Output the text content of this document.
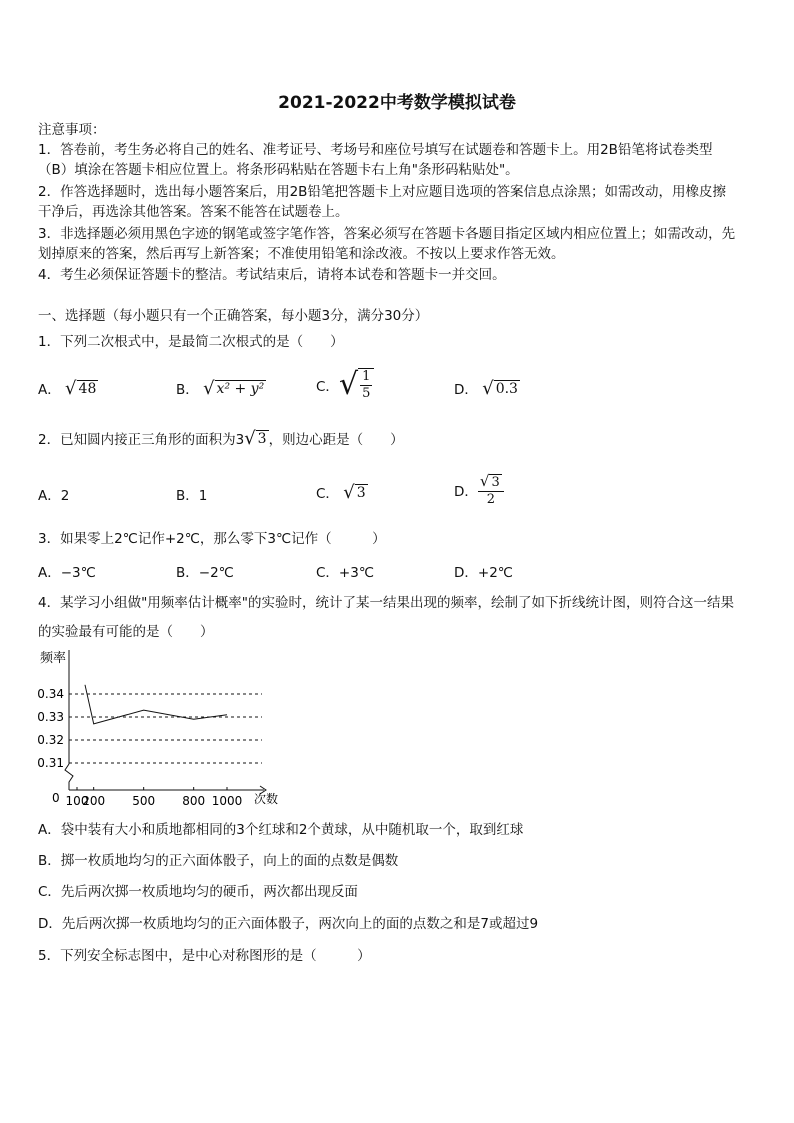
2021-2022中考数学模拟试卷
注意事项：
1．答卷前，考生务必将自己的姓名、准考证号、考场号和座位号填写在试题卷和答题卡上。用2B铅笔将试卷类型
（B）填涂在答题卡相应位置上。将条形码粘贴在答题卡右上角"条形码粘贴处"。
2．作答选择题时，选出每小题答案后，用2B铅笔把答题卡上对应题目选项的答案信息点涂黑；如需改动，用橡皮擦
干净后，再选涂其他答案。答案不能答在试题卷上。
3．非选择题必须用黑色字迹的钢笔或签字笔作答，答案必须写在答题卡各题目指定区域内相应位置上；如需改动，先
划掉原来的答案，然后再写上新答案；不准使用铅笔和涂改液。不按以上要求作答无效。
4．考生必须保证答题卡的整洁。考试结束后，请将本试卷和答题卡一并交回。
一、选择题（每小题只有一个正确答案，每小题3分，满分30分）
1．下列二次根式中，是最简二次根式的是（　　）
A． √ 48	B． √ x² + y²	C． √ $\frac{1}{5}$	D． √ 0.3
2．已知圆内接正三角形的面积为3 √ 3 ，则边心距是（　　）
A．2	B．1	C． √ 3	D． $\frac{√ 3}{2}$
3．如果零上2℃记作+2℃，那么零下3℃记作（　　　）
A．−3℃	B．−2℃	C．+3℃	D．+2℃
4．某学习小组做"用频率估计概率"的实验时，统计了某一结果出现的频率，绘制了如下折线统计图，则符合这一结果
的实验最有可能的是（　　）
0.34
0.33
0.32
0.31
100
200 500 800 1000
频率
次数
0
A．袋中装有大小和质地都相同的3个红球和2个黄球，从中随机取一个，取到红球
B．掷一枚质地均匀的正六面体骰子，向上的面的点数是偶数
C．先后两次掷一枚质地均匀的硬币，两次都出现反面
D．先后两次掷一枚质地均匀的正六面体骰子，两次向上的面的点数之和是7或超过9
5．下列安全标志图中，是中心对称图形的是（　　　）
